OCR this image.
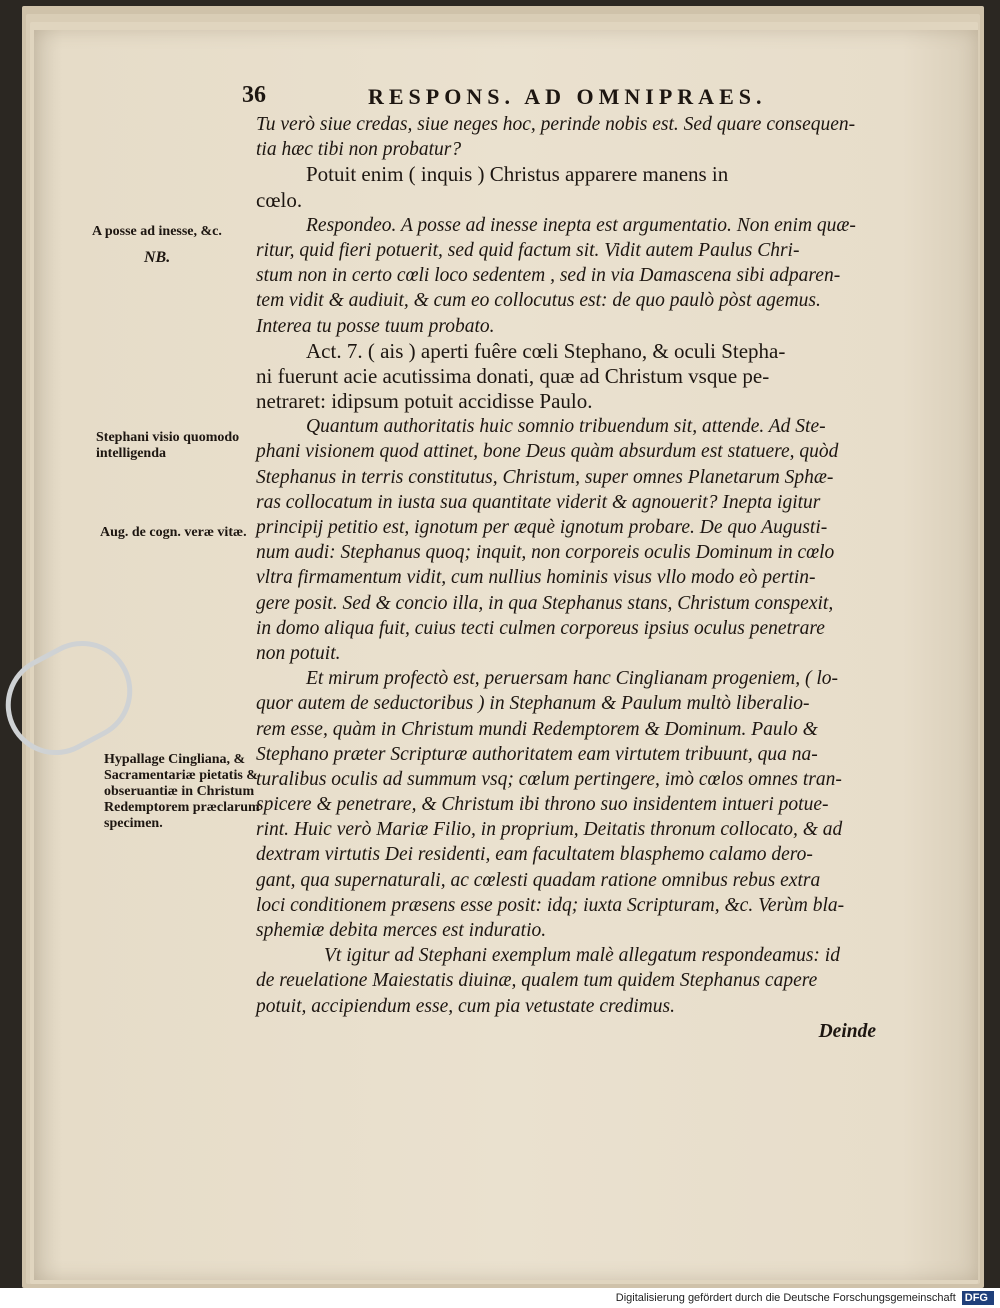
36	RESPONS. AD OMNIPRAES.
A posse ad inesse, &c.
NB.
Stephani visio quomodo intelligenda
Aug. de cogn. veræ vitæ.
Hypallage Cingliana, & Sacramentariæ pietatis & obseruantiæ in Christum Redemptorem præclarum specimen.
Tu verò siue credas, siue neges hoc, perinde nobis est. Sed quare consequen-
tia hæc tibi non probatur?
Potuit enim ( inquis ) Christus apparere manens in
cœlo.
Respondeo. A posse ad inesse inepta est argumentatio. Non enim quæ-
ritur, quid fieri potuerit, sed quid factum sit. Vidit autem Paulus Chri-
stum non in certo cœli loco sedentem , sed in via Damascena sibi adparen-
tem vidit & audiuit, & cum eo collocutus est: de quo paulò pòst agemus.
Interea tu posse tuum probato.
Act. 7. ( ais ) aperti fuêre cœli Stephano, & oculi Stepha-
ni fuerunt acie acutissima donati, quæ ad Christum vsque pe-
netraret: idipsum potuit accidisse Paulo.
Quantum authoritatis huic somnio tribuendum sit, attende. Ad Ste-
phani visionem quod attinet, bone Deus quàm absurdum est statuere, quòd
Stephanus in terris constitutus, Christum, super omnes Planetarum Sphæ-
ras collocatum in iusta sua quantitate viderit & agnouerit? Inepta igitur
principij petitio est, ignotum per æquè ignotum probare. De quo Augusti-
num audi: Stephanus quoq; inquit, non corporeis oculis Dominum in cœlo
vltra firmamentum vidit, cum nullius hominis visus vllo modo eò pertin-
gere posit. Sed & concio illa, in qua Stephanus stans, Christum conspexit,
in domo aliqua fuit, cuius tecti culmen corporeus ipsius oculus penetrare
non potuit.
Et mirum profectò est, peruersam hanc Cinglianam progeniem, ( lo-
quor autem de seductoribus ) in Stephanum & Paulum multò liberalio-
rem esse, quàm in Christum mundi Redemptorem & Dominum. Paulo &
Stephano præter Scripturæ authoritatem eam virtutem tribuunt, qua na-
turalibus oculis ad summum vsq; cœlum pertingere, imò cœlos omnes tran-
spicere & penetrare, & Christum ibi throno suo insidentem intueri potue-
rint. Huic verò Mariæ Filio, in proprium, Deitatis thronum collocato, & ad
dextram virtutis Dei residenti, eam facultatem blasphemo calamo dero-
gant, qua supernaturali, ac cœlesti quadam ratione omnibus rebus extra
loci conditionem præsens esse posit: idq; iuxta Scripturam, &c. Verùm bla-
sphemiæ debita merces est induratio.
Vt igitur ad Stephani exemplum malè allegatum respondeamus: id
de reuelatione Maiestatis diuinæ, qualem tum quidem Stephanus capere
potuit, accipiendum esse, cum pia vetustate credimus.
Deinde
Digitalisierung gefördert durch die Deutsche Forschungsgemeinschaft DFG
